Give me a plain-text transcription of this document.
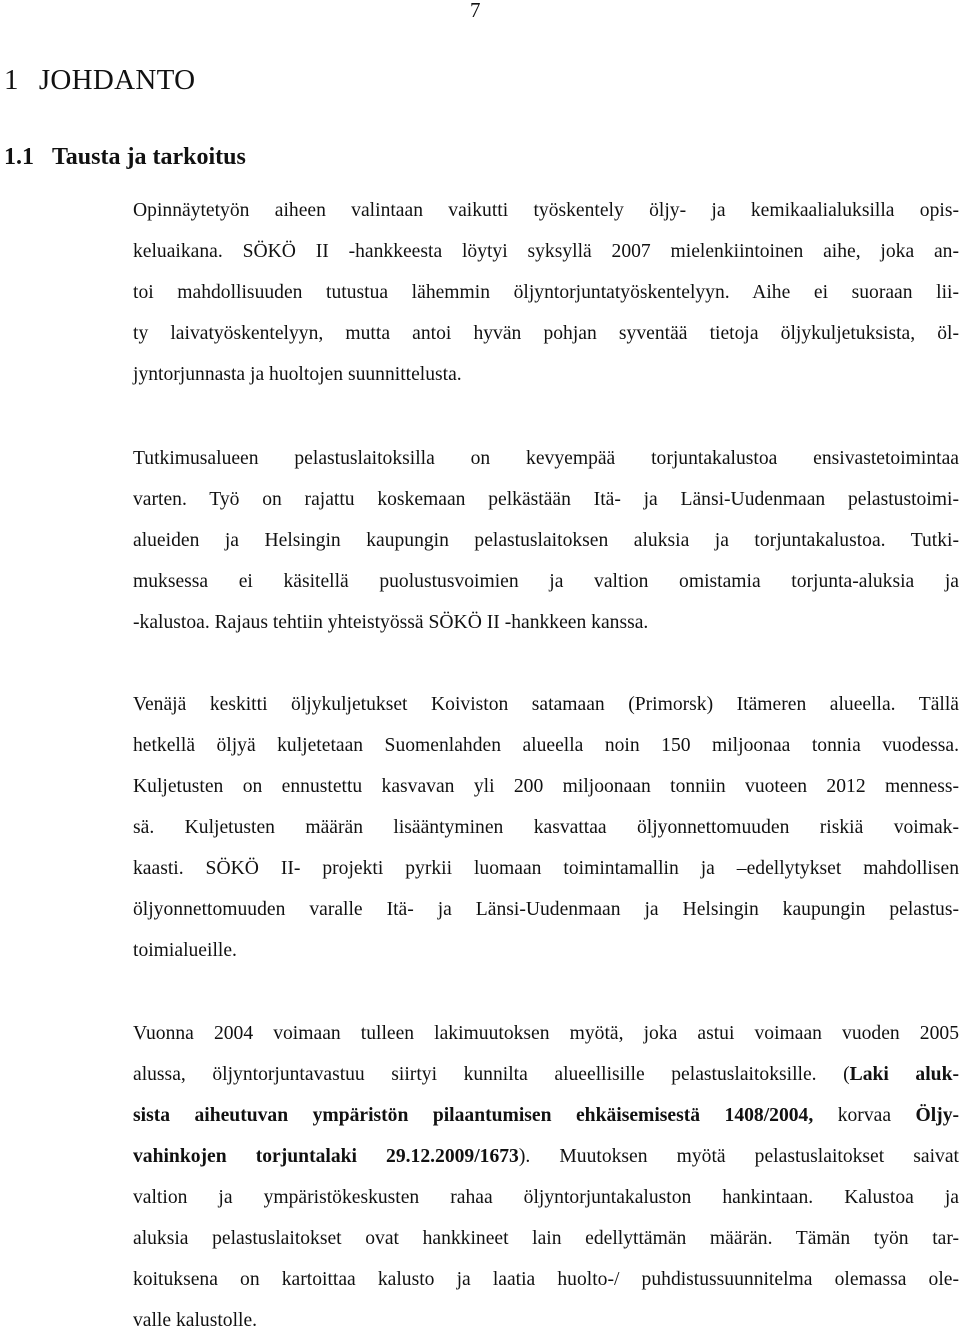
7
1 JOHDANTO
1.1 Tausta ja tarkoitus
Opinnäytetyön aiheen valintaan vaikutti työskentely öljy- ja kemikaalialuksilla opis-
keluaikana. SÖKÖ II -hankkeesta löytyi syksyllä 2007 mielenkiintoinen aihe, joka an-
toi mahdollisuuden tutustua lähemmin öljyntorjuntatyöskentelyyn. Aihe ei suoraan lii-
ty laivatyöskentelyyn, mutta antoi hyvän pohjan syventää tietoja öljykuljetuksista, öl-
jyntorjunnasta ja huoltojen suunnittelusta.
Tutkimusalueen pelastuslaitoksilla on kevyempää torjuntakalustoa ensivastetoimintaa
varten. Työ on rajattu koskemaan pelkästään Itä- ja Länsi-Uudenmaan pelastustoimi-
alueiden ja Helsingin kaupungin pelastuslaitoksen aluksia ja torjuntakalustoa. Tutki-
muksessa ei käsitellä puolustusvoimien ja valtion omistamia torjunta-aluksia ja
-kalustoa. Rajaus tehtiin yhteistyössä SÖKÖ II -hankkeen kanssa.
Venäjä keskitti öljykuljetukset Koiviston satamaan (Primorsk) Itämeren alueella. Tällä
hetkellä öljyä kuljetetaan Suomenlahden alueella noin 150 miljoonaa tonnia vuodessa.
Kuljetusten on ennustettu kasvavan yli 200 miljoonaan tonniin vuoteen 2012 menness-
sä. Kuljetusten määrän lisääntyminen kasvattaa öljyonnettomuuden riskiä voimak-
kaasti. SÖKÖ II- projekti pyrkii luomaan toimintamallin ja –edellytykset mahdollisen
öljyonnettomuuden varalle Itä- ja Länsi-Uudenmaan ja Helsingin kaupungin pelastus-
toimialueille.
Vuonna 2004 voimaan tulleen lakimuutoksen myötä, joka astui voimaan vuoden 2005
alussa, öljyntorjuntavastuu siirtyi kunnilta alueellisille pelastuslaitoksille. (Laki aluk-
sista aiheutuvan ympäristön pilaantumisen ehkäisemisestä 1408/2004, korvaa Öljy-
vahinkojen torjuntalaki 29.12.2009/1673). Muutoksen myötä pelastuslaitokset saivat
valtion ja ympäristökeskusten rahaa öljyntorjuntakaluston hankintaan. Kalustoa ja
aluksia pelastuslaitokset ovat hankkineet lain edellyttämän määrän. Tämän työn tar-
koituksena on kartoittaa kalusto ja laatia huolto-/ puhdistussuunnitelma olemassa ole-
valle kalustolle.
